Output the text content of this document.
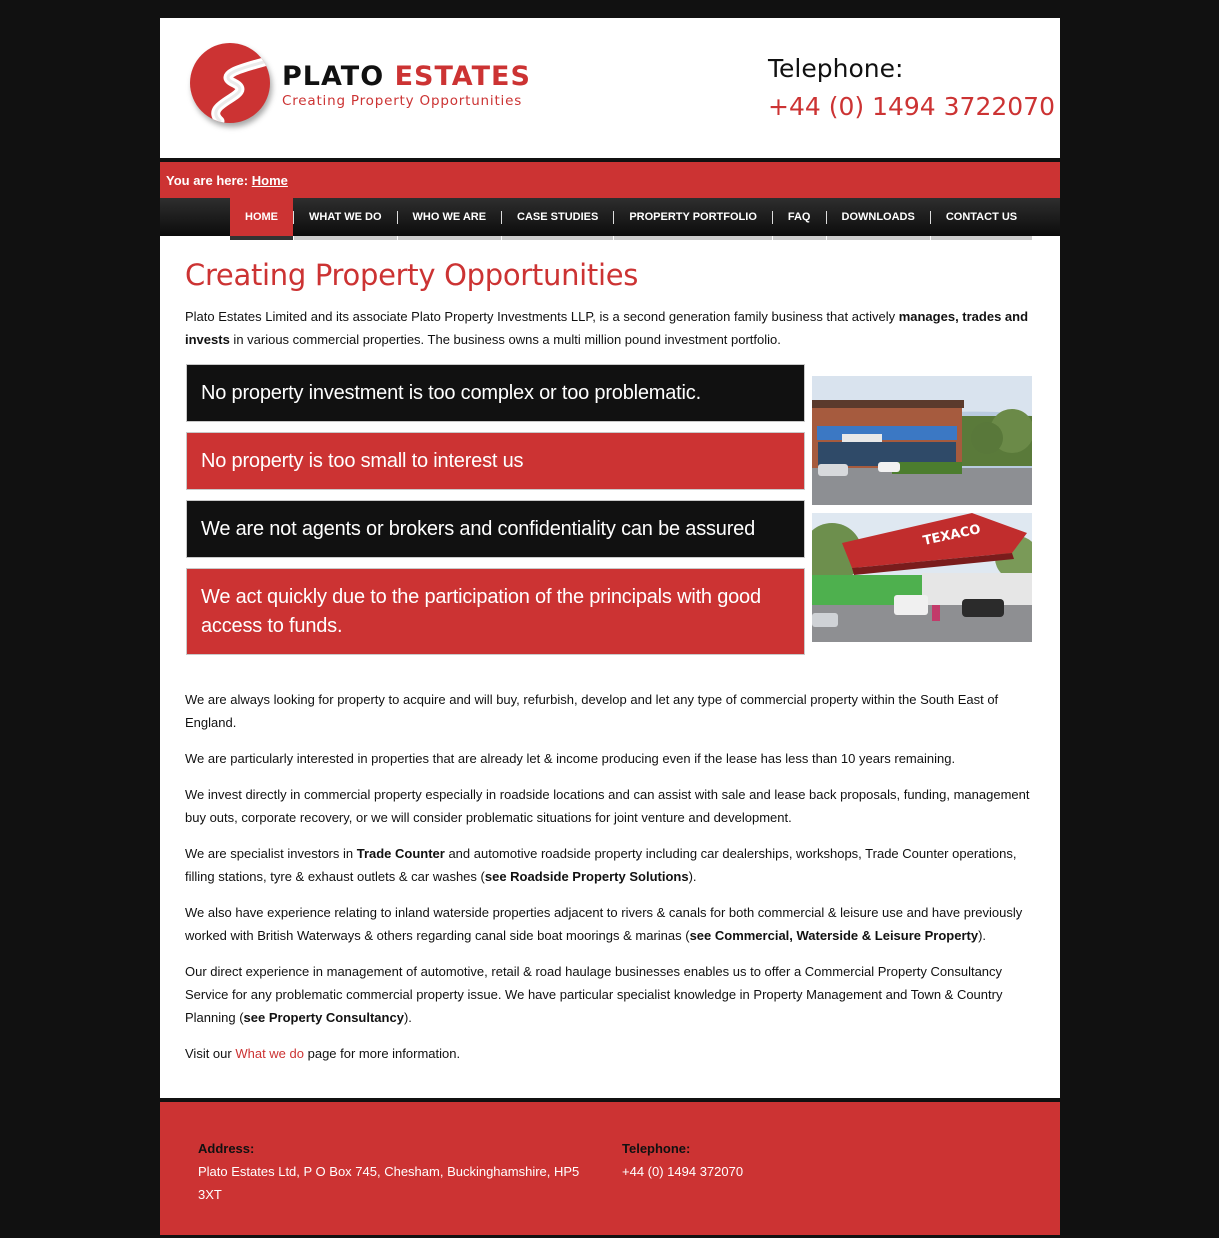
PLATO ESTATES
Creating Property Opportunities
Telephone:
+44 (0) 1494 3722070
You are here: Home
HOME	WHAT WE DO	WHO WE ARE	CASE STUDIES	PROPERTY PORTFOLIO	FAQ	DOWNLOADS	CONTACT US
Creating Property Opportunities

Plato Estates Limited and its associate Plato Property Investments LLP, is a second generation family business that actively manages, trades and invests in various commercial properties. The business owns a multi million pound investment portfolio.

No property investment is too complex or too problematic.
No property is too small to interest us
We are not agents or brokers and confidentiality can be assured
We act quickly due to the participation of the principals with good access to funds.
TEXACO

We are always looking for property to acquire and will buy, refurbish, develop and let any type of commercial property within the South East of England.

We are particularly interested in properties that are already let & income producing even if the lease has less than 10 years remaining.

We invest directly in commercial property especially in roadside locations and can assist with sale and lease back proposals, funding, management buy outs, corporate recovery, or we will consider problematic situations for joint venture and development.

We are specialist investors in Trade Counter and automotive roadside property including car dealerships, workshops, Trade Counter operations, filling stations, tyre & exhaust outlets & car washes (see Roadside Property Solutions).

We also have experience relating to inland waterside properties adjacent to rivers & canals for both commercial & leisure use and have previously worked with British Waterways & others regarding canal side boat moorings & marinas (see Commercial, Waterside & Leisure Property).

Our direct experience in management of automotive, retail & road haulage businesses enables us to offer a Commercial Property Consultancy Service for any problematic commercial property issue. We have particular specialist knowledge in Property Management and Town & Country Planning (see Property Consultancy).

Visit our What we do page for more information.

Address:
Plato Estates Ltd, P O Box 745, Chesham, Buckinghamshire, HP5 3XT
Telephone:
+44 (0) 1494 372070
